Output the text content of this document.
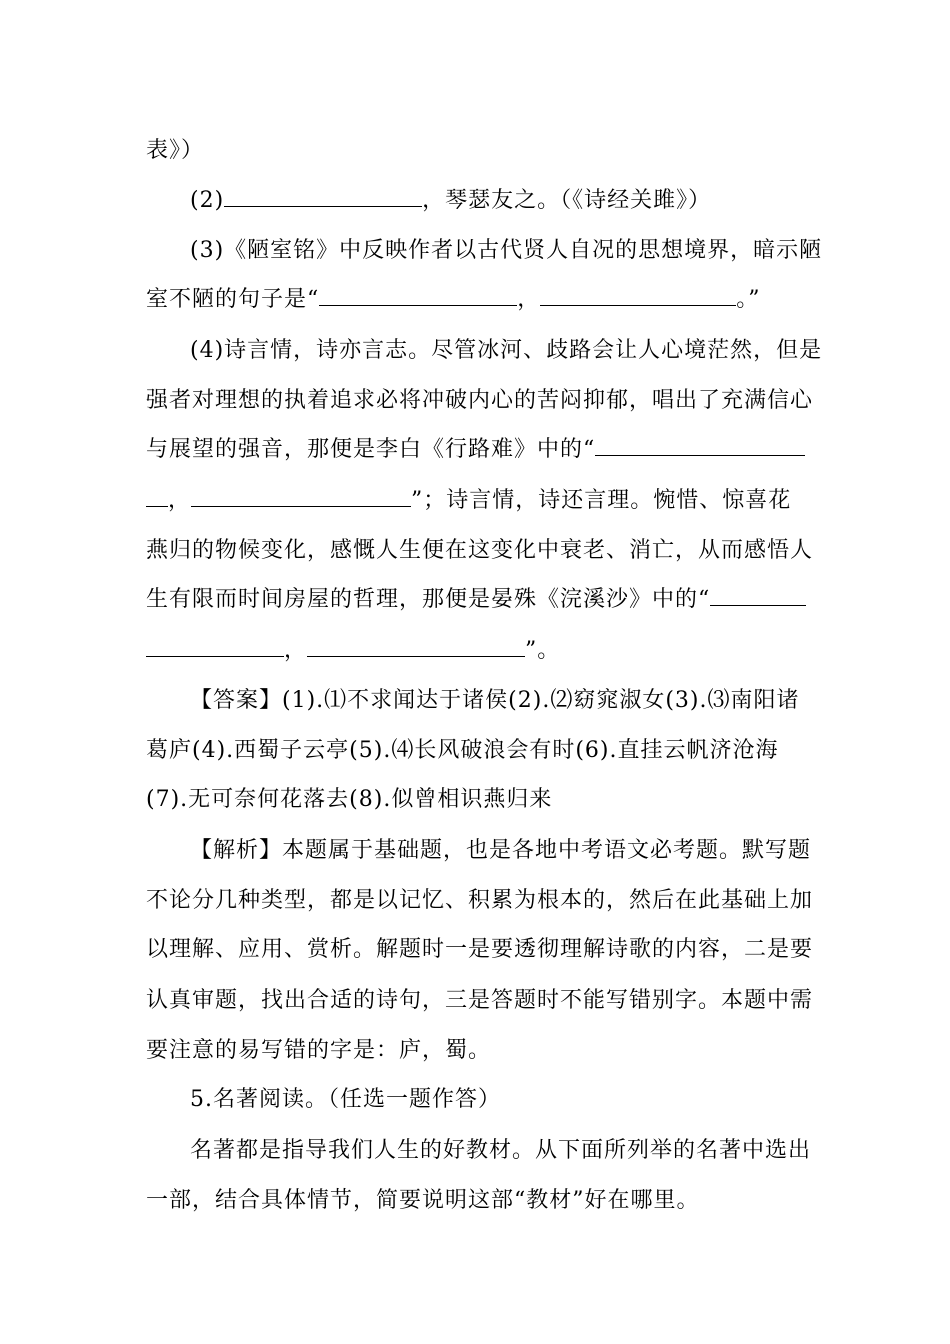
表》）
(2)	，琴瑟友之。（《诗经关雎》）
(3)《陋室铭》中反映作者以古代贤人自况的思想境界，暗示陋
室不陋的句子是“	，	。”
(4)诗言情，诗亦言志。尽管冰河、歧路会让人心境茫然，但是
强者对理想的执着追求必将冲破内心的苦闷抑郁，唱出了充满信心
与展望的强音，那便是李白《行路难》中的“
，	”；诗言情，诗还言理。惋惜、惊喜花
燕归的物候变化，感慨人生便在这变化中衰老、消亡，从而感悟人
生有限而时间房屋的哲理，那便是晏殊《浣溪沙》中的“
，	”。
【答案】(1).⑴不求闻达于诸侯(2).⑵窈窕淑女(3).⑶南阳诸
葛庐(4).西蜀子云亭(5).⑷长风破浪会有时(6).直挂云帆济沧海
(7).无可奈何花落去(8).似曾相识燕归来
【解析】本题属于基础题，也是各地中考语文必考题。默写题
不论分几种类型，都是以记忆、积累为根本的，然后在此基础上加
以理解、应用、赏析。解题时一是要透彻理解诗歌的内容，二是要
认真审题，找出合适的诗句，三是答题时不能写错别字。本题中需
要注意的易写错的字是：庐，蜀。
5.名著阅读。（任选一题作答）
名著都是指导我们人生的好教材。从下面所列举的名著中选出
一部，结合具体情节，简要说明这部“教材”好在哪里。
